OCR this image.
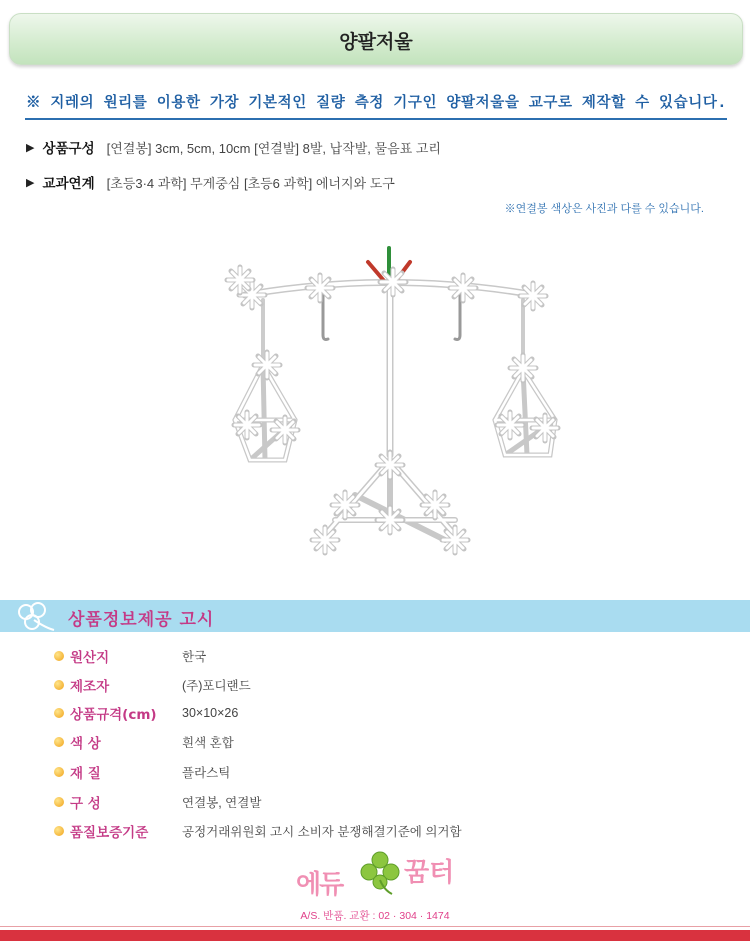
양팔저울
※ 지레의 원리를 이용한 가장 기본적인 질량 측정 기구인 양팔저울을 교구로 제작할 수 있습니다.
▶ 상품구성 [연결봉] 3cm, 5cm, 10cm [연결발] 8발, 납작발, 물음표 고리
▶ 교과연계 [초등3·4 과학] 무게중심 [초등6 과학] 에너지와 도구
※연결봉 색상은 사진과 다를 수 있습니다.
상품정보제공 고시
원산지	한국
제조자	(주)포디랜드
상품규격(cm)	30×10×26
색 상	흰색 혼합
재 질	플라스틱
구 성	연결봉, 연결발
품질보증기준	공정거래위원회 고시 소비자 분쟁해결기준에 의거함
에듀 꿈터
A/S. 반품. 교환 : 02 · 304 · 1474
